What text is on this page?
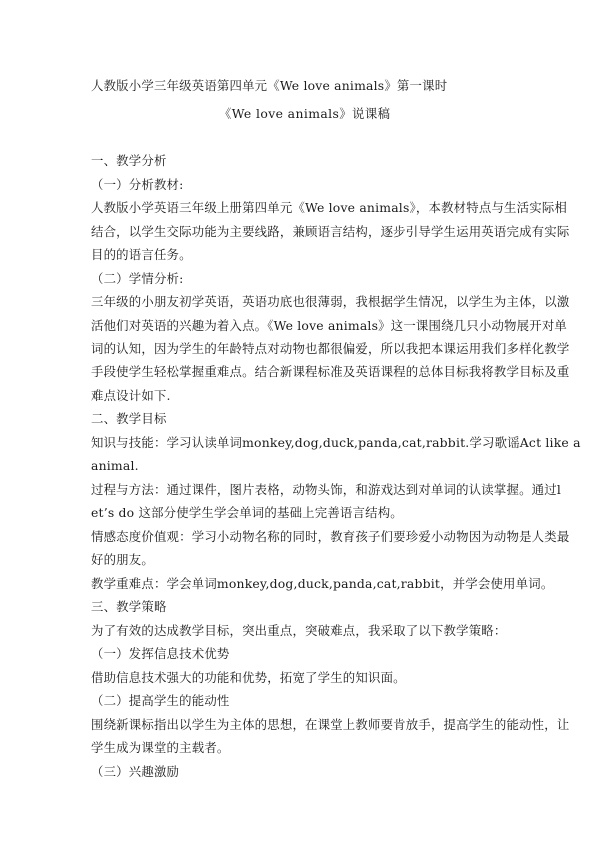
人教版小学三年级英语第四单元《We love animals》第一课时
《We love animals》说课稿
一、教学分析
（一）分析教材:
人教版小学英语三年级上册第四单元《We love animals》，本教材特点与生活实际相
结合，以学生交际功能为主要线路，兼顾语言结构，逐步引导学生运用英语完成有实际
目的的语言任务。
（二）学情分析:
三年级的小朋友初学英语，英语功底也很薄弱，我根据学生情况，以学生为主体，以激
活他们对英语的兴趣为着入点。《We love animals》这一课围绕几只小动物展开对单
词的认知，因为学生的年龄特点对动物也都很偏爱，所以我把本课运用我们多样化教学
手段使学生轻松掌握重难点。结合新课程标准及英语课程的总体目标我将教学目标及重
难点设计如下.
二、教学目标
知识与技能：学习认读单词monkey,dog,duck,panda,cat,rabbit.学习歌谣Act like a
animal.
过程与方法：通过课件，图片表格，动物头饰，和游戏达到对单词的认读掌握。通过l
et’s do 这部分使学生学会单词的基础上完善语言结构。
情感态度价值观：学习小动物名称的同时，教育孩子们要珍爱小动物因为动物是人类最
好的朋友。
教学重难点：学会单词monkey,dog,duck,panda,cat,rabbit，并学会使用单词。
三、教学策略
为了有效的达成教学目标，突出重点，突破难点，我采取了以下教学策略：
（一）发挥信息技术优势
借助信息技术强大的功能和优势，拓宽了学生的知识面。
（二）提高学生的能动性
围绕新课标指出以学生为主体的思想，在课堂上教师要肯放手，提高学生的能动性，让
学生成为课堂的主载者。
（三）兴趣激励
